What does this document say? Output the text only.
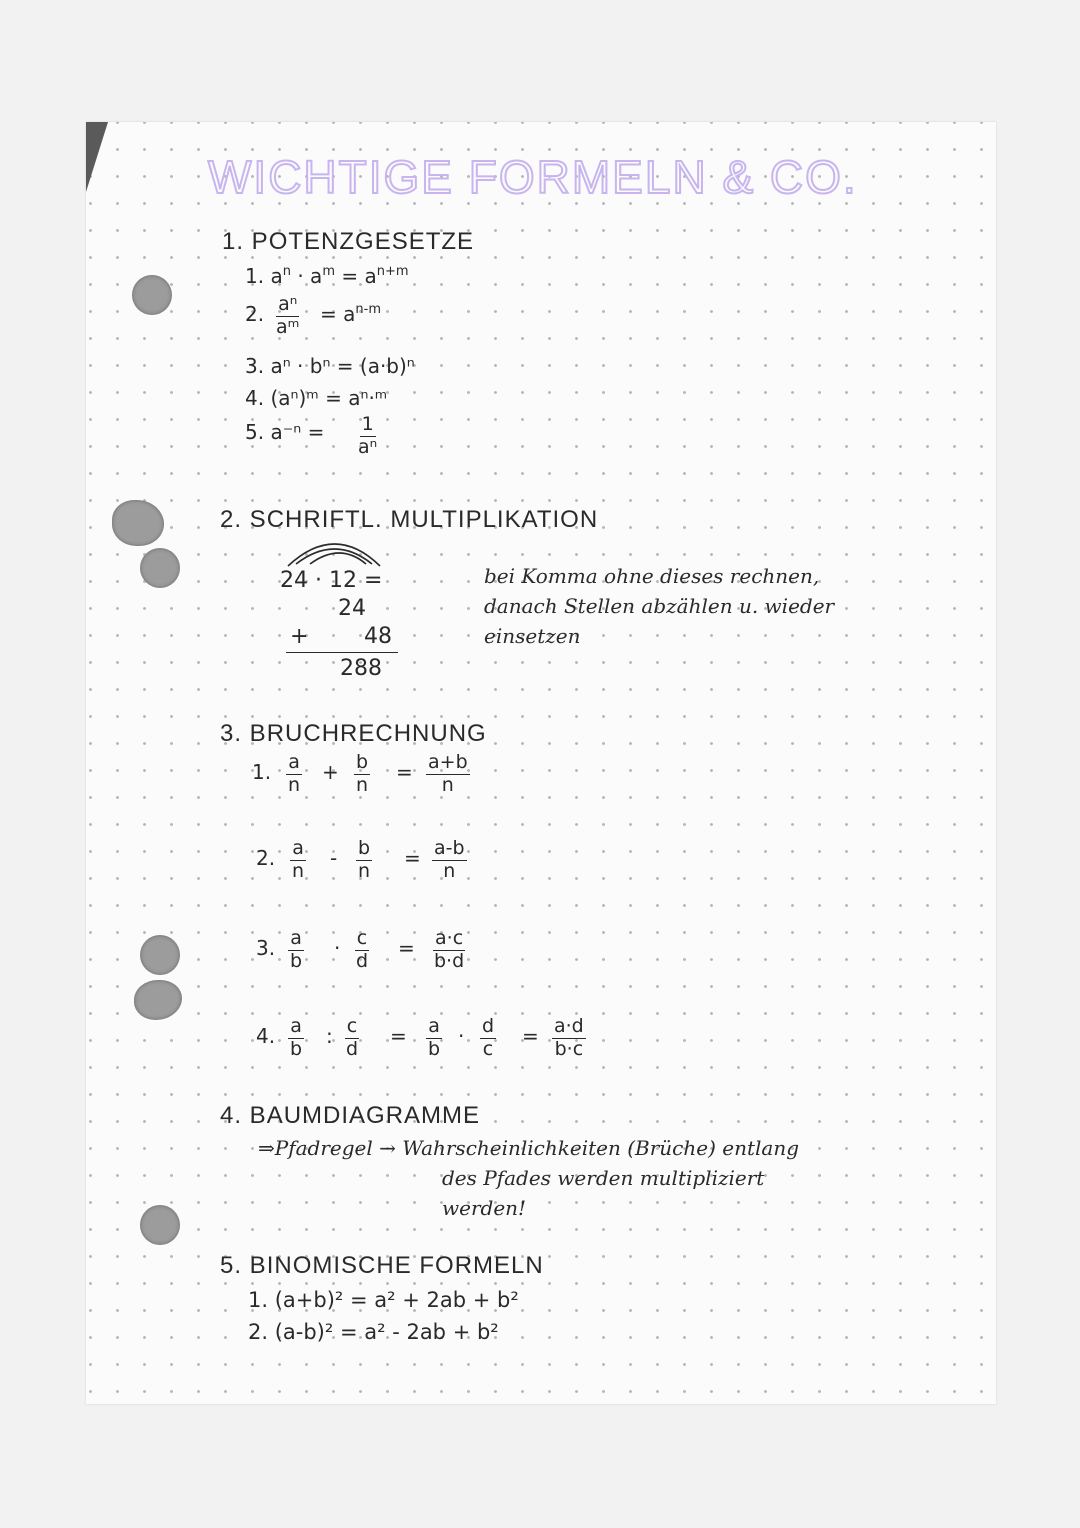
WICHTIGE FORMELN & CO.
1. POTENZGESETZE
1. $a^n \cdot a^m = a^{n+m}$
2. $\frac{\text{aⁿ}}{\text{aᵐ}} = a^{n-m}$
3. aⁿ · bⁿ = (a·b)ⁿ
4. (aⁿ)ᵐ = aⁿ·ᵐ
5. $a^{-n} = \frac{1}{\text{aⁿ}}$
2. SCHRIFTL. MULTIPLIKATION
24 · 12 =
24
+	48
288
bei Komma ohne dieses rechnen,
danach Stellen abzählen u. wieder
einsetzen
3. BRUCHRECHNUNG
1. $\frac{a}{n} + \frac{b}{n} = \frac{a+b}{n}$
2. $\frac{a}{n} - \frac{b}{n} = \frac{a-b}{n}$
3. $\frac{a}{b} \cdot \frac{c}{d} = \frac{a\cdot c}{b\cdot d}$
4. $\frac{a}{b}$ : $\frac{c}{d} = \frac{a}{b} \cdot \frac{d}{c} = \frac{a\cdot d}{b\cdot c}$
4. BAUMDIAGRAMME
⇒Pfadregel → Wahrscheinlichkeiten (Brüche) entlang
des Pfades werden multipliziert
werden!
5. BINOMISCHE FORMELN
1. (a+b)² = a² + 2ab + b²
2. (a-b)² = a² - 2ab + b²
